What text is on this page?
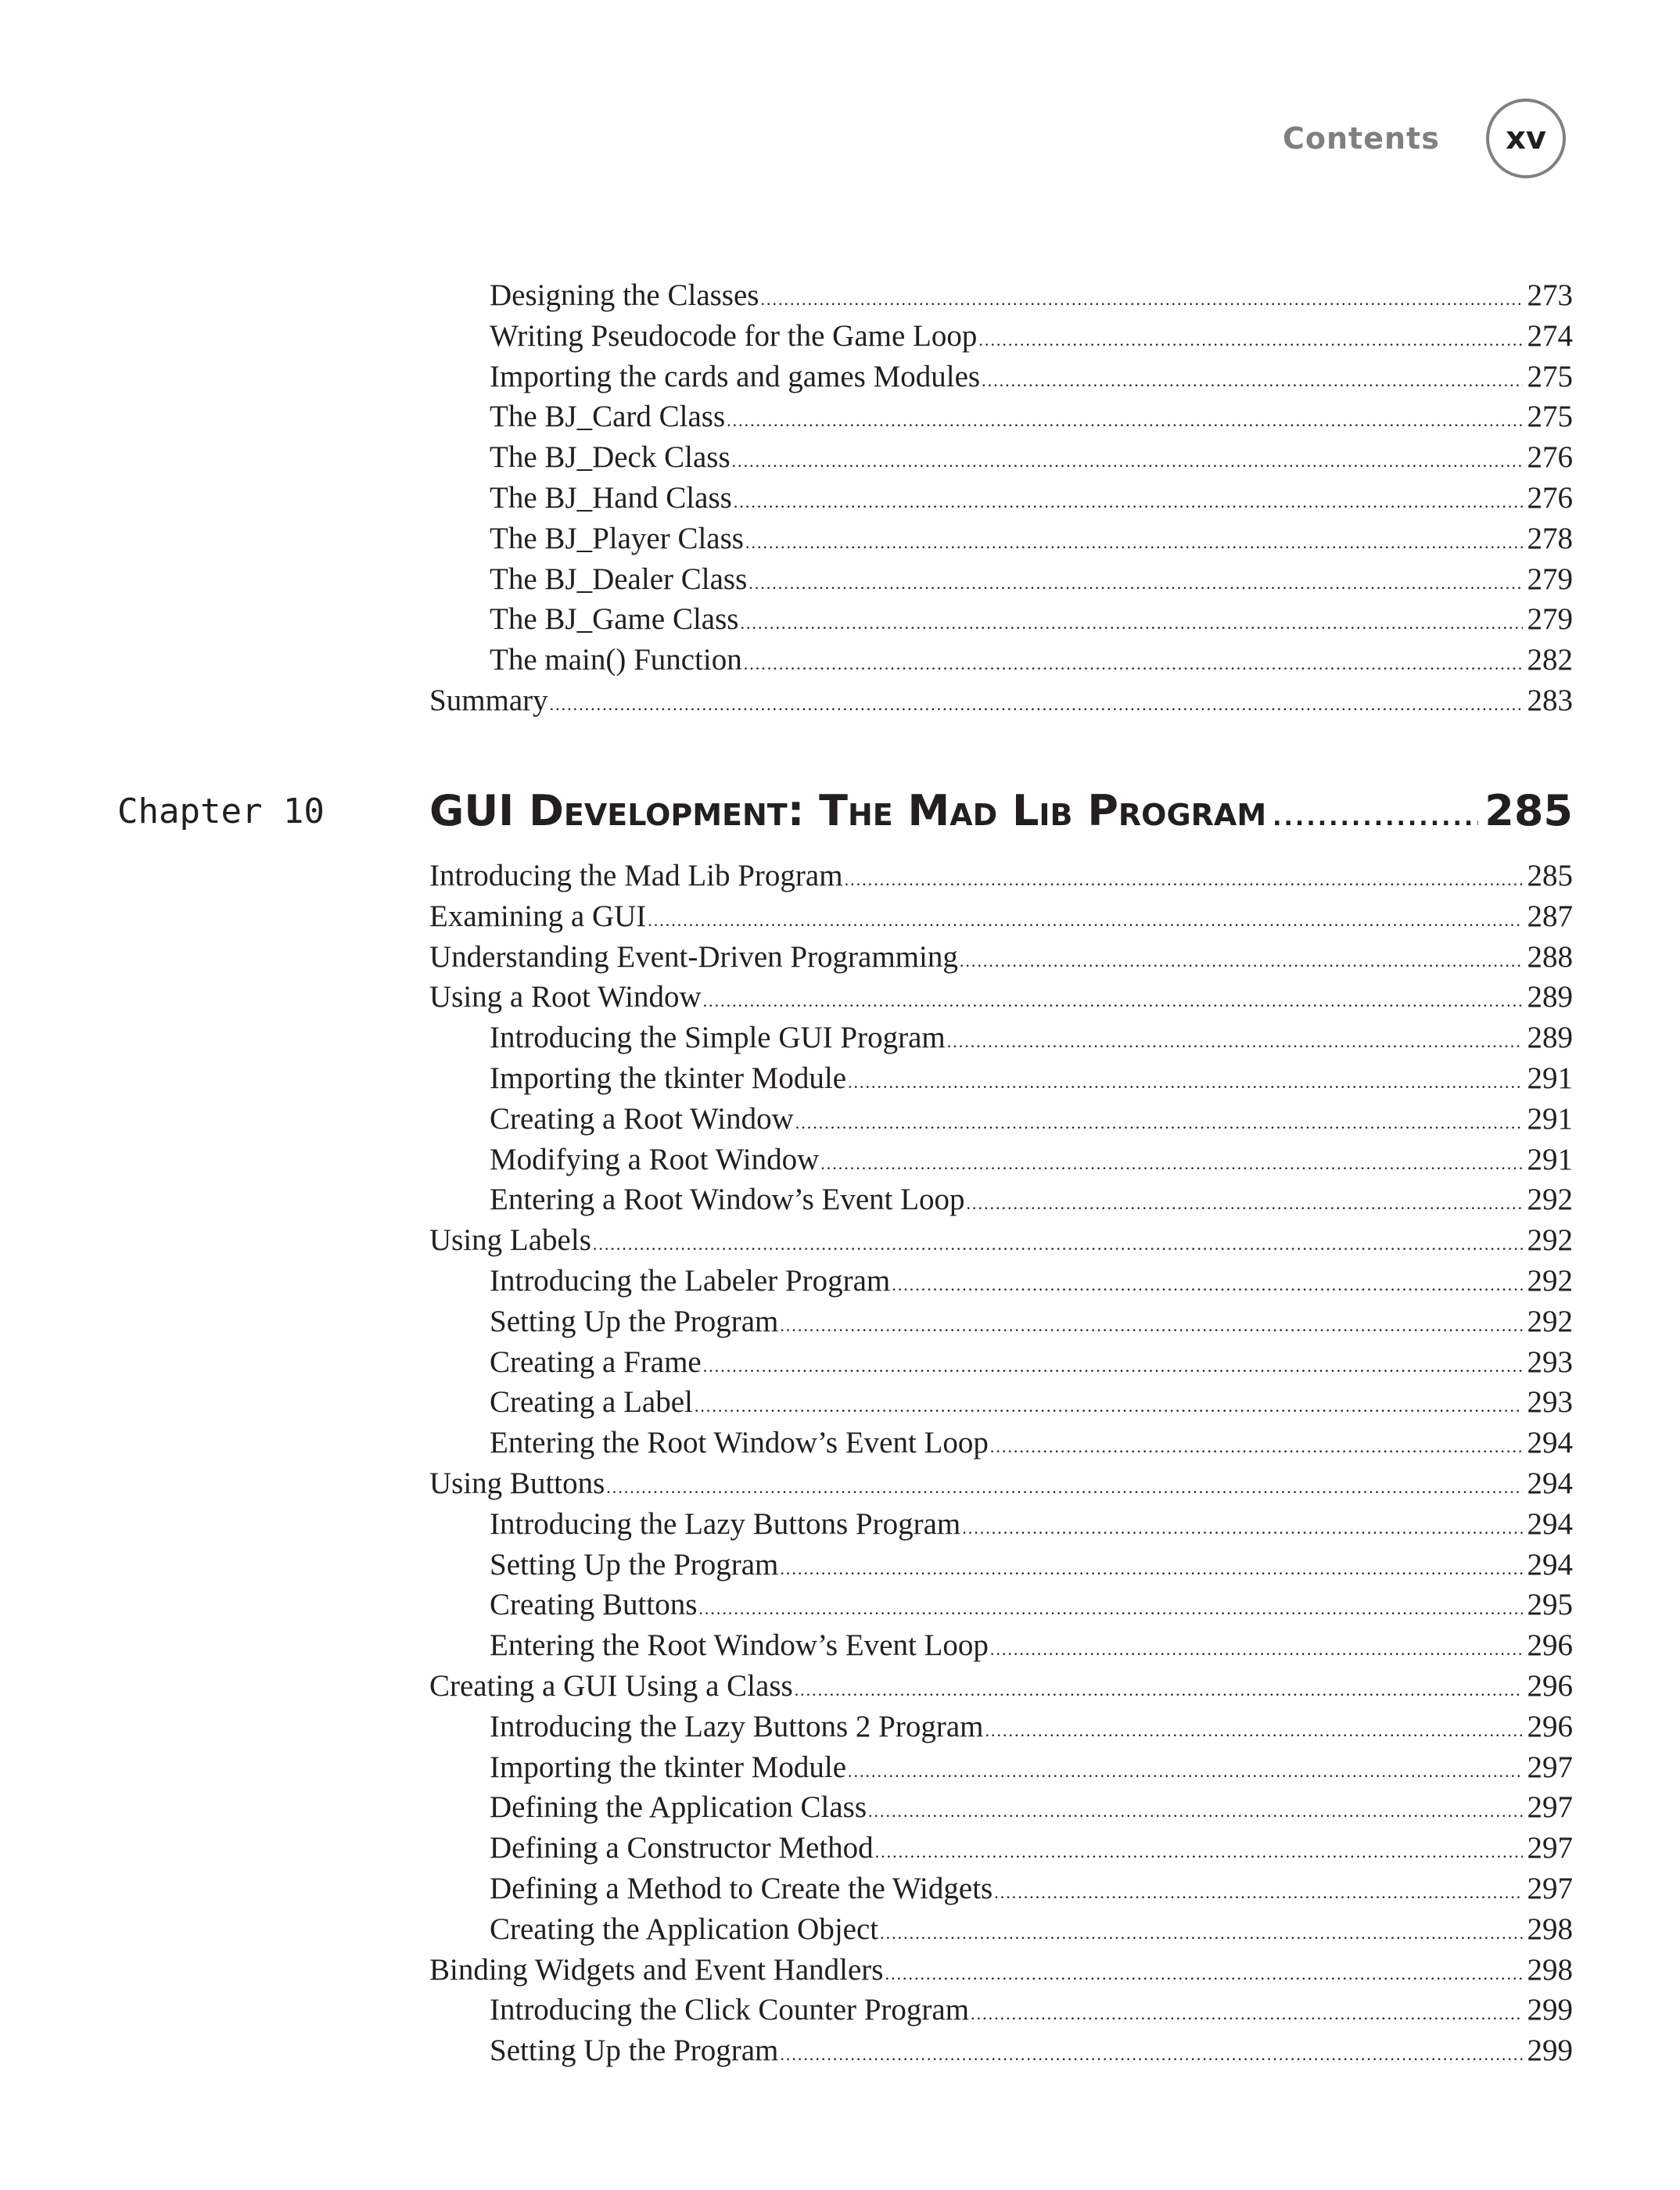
Contents xv
Designing the Classes .....	273
Writing Pseudocode for the Game Loop .....	274
Importing the cards and games Modules .....	275
The BJ_Card Class .....	275
The BJ_Deck Class .....	276
The BJ_Hand Class .....	276
The BJ_Player Class .....	278
The BJ_Dealer Class .....	279
The BJ_Game Class .....	279
The main() Function .....	282
Summary .....	283
Chapter 10 GUI Development: The Mad Lib Program .....	285
Introducing the Mad Lib Program .....	285
Examining a GUI .....	287
Understanding Event-Driven Programming .....	288
Using a Root Window .....	289
Introducing the Simple GUI Program .....	289
Importing the tkinter Module .....	291
Creating a Root Window .....	291
Modifying a Root Window .....	291
Entering a Root Window’s Event Loop .....	292
Using Labels .....	292
Introducing the Labeler Program .....	292
Setting Up the Program .....	292
Creating a Frame .....	293
Creating a Label .....	293
Entering the Root Window’s Event Loop .....	294
Using Buttons .....	294
Introducing the Lazy Buttons Program .....	294
Setting Up the Program .....	294
Creating Buttons .....	295
Entering the Root Window’s Event Loop .....	296
Creating a GUI Using a Class .....	296
Introducing the Lazy Buttons 2 Program .....	296
Importing the tkinter Module .....	297
Defining the Application Class .....	297
Defining a Constructor Method .....	297
Defining a Method to Create the Widgets .....	297
Creating the Application Object .....	298
Binding Widgets and Event Handlers .....	298
Introducing the Click Counter Program .....	299
Setting Up the Program .....	299
